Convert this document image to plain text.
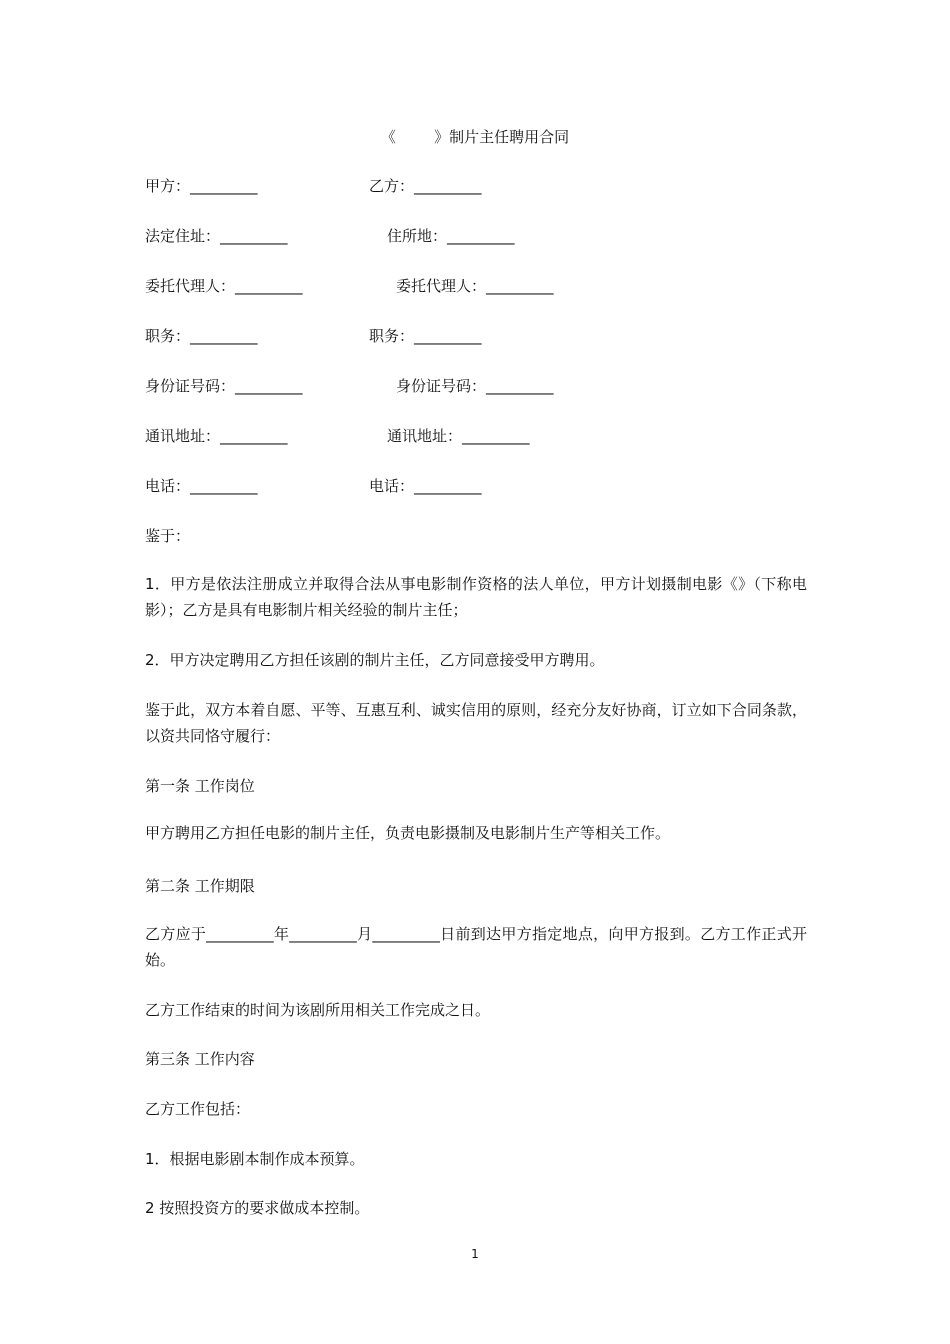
《        》制片主任聘用合同
甲方：_________	乙方：_________
法定住址：_________	住所地：_________
委托代理人：_________	委托代理人：_________
职务：_________	职务：_________
身份证号码：_________	身份证号码：_________
通讯地址：_________	通讯地址：_________
电话：_________	电话：_________
鉴于：
1．甲方是依法注册成立并取得合法从事电影制作资格的法人单位，甲方计划摄制电影《》（下称电影）；乙方是具有电影制片相关经验的制片主任；
2．甲方决定聘用乙方担任该剧的制片主任，乙方同意接受甲方聘用。
鉴于此，双方本着自愿、平等、互惠互利、诚实信用的原则，经充分友好协商，订立如下合同条款，以资共同恪守履行：
第一条 工作岗位
甲方聘用乙方担任电影的制片主任，负责电影摄制及电影制片生产等相关工作。
第二条 工作期限
乙方应于_________年_________月_________日前到达甲方指定地点，向甲方报到。乙方工作正式开始。
乙方工作结束的时间为该剧所用相关工作完成之日。
第三条 工作内容
乙方工作包括：
1．根据电影剧本制作成本预算。
2 按照投资方的要求做成本控制。
1
